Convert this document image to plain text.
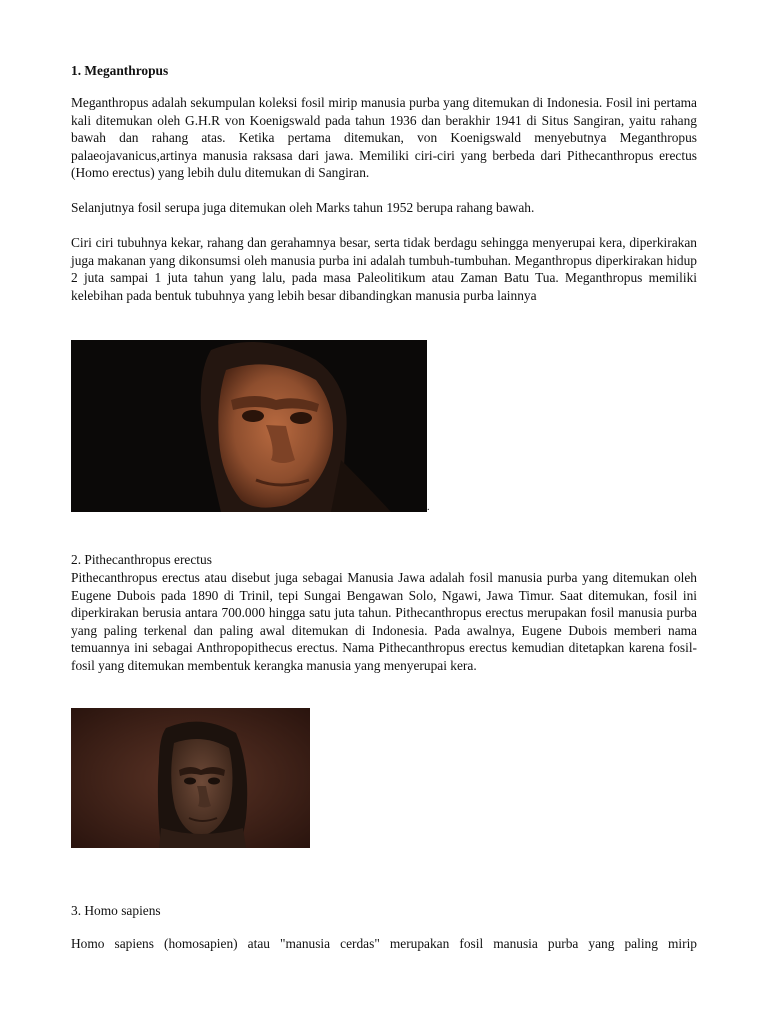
1. Meganthropus

Meganthropus adalah sekumpulan koleksi fosil mirip manusia purba yang ditemukan di Indonesia. Fosil ini pertama kali ditemukan oleh G.H.R von Koenigswald pada tahun 1936 dan berakhir 1941 di Situs Sangiran, yaitu rahang bawah dan rahang atas. Ketika pertama ditemukan, von Koenigswald menyebutnya Meganthropus palaeojavanicus,artinya manusia raksasa dari jawa. Memiliki ciri-ciri yang berbeda dari Pithecanthropus erectus (Homo erectus) yang lebih dulu ditemukan di Sangiran.

Selanjutnya fosil serupa juga ditemukan oleh Marks tahun 1952 berupa rahang bawah.

Ciri ciri tubuhnya kekar, rahang dan gerahamnya besar, serta tidak berdagu sehingga menyerupai kera, diperkirakan juga makanan yang dikonsumsi oleh manusia purba ini adalah tumbuh-tumbuhan. Meganthropus diperkirakan hidup 2 juta sampai 1 juta tahun yang lalu, pada masa Paleolitikum atau Zaman Batu Tua. Meganthropus memiliki kelebihan pada bentuk tubuhnya yang lebih besar dibandingkan manusia purba lainnya

.
2. Pithecanthropus erectus

Pithecanthropus erectus atau disebut juga sebagai Manusia Jawa adalah fosil manusia purba yang ditemukan oleh Eugene Dubois pada 1890 di Trinil, tepi Sungai Bengawan Solo, Ngawi, Jawa Timur. Saat ditemukan, fosil ini diperkirakan berusia antara 700.000 hingga satu juta tahun. Pithecanthropus erectus merupakan fosil manusia purba yang paling terkenal dan paling awal ditemukan di Indonesia. Pada awalnya, Eugene Dubois memberi nama temuannya ini sebagai Anthropopithecus erectus. Nama Pithecanthropus erectus kemudian ditetapkan karena fosil-fosil yang ditemukan membentuk kerangka manusia yang menyerupai kera.

3. Homo sapiens

Homo sapiens (homosapien) atau "manusia cerdas" merupakan fosil manusia purba yang paling mirip
